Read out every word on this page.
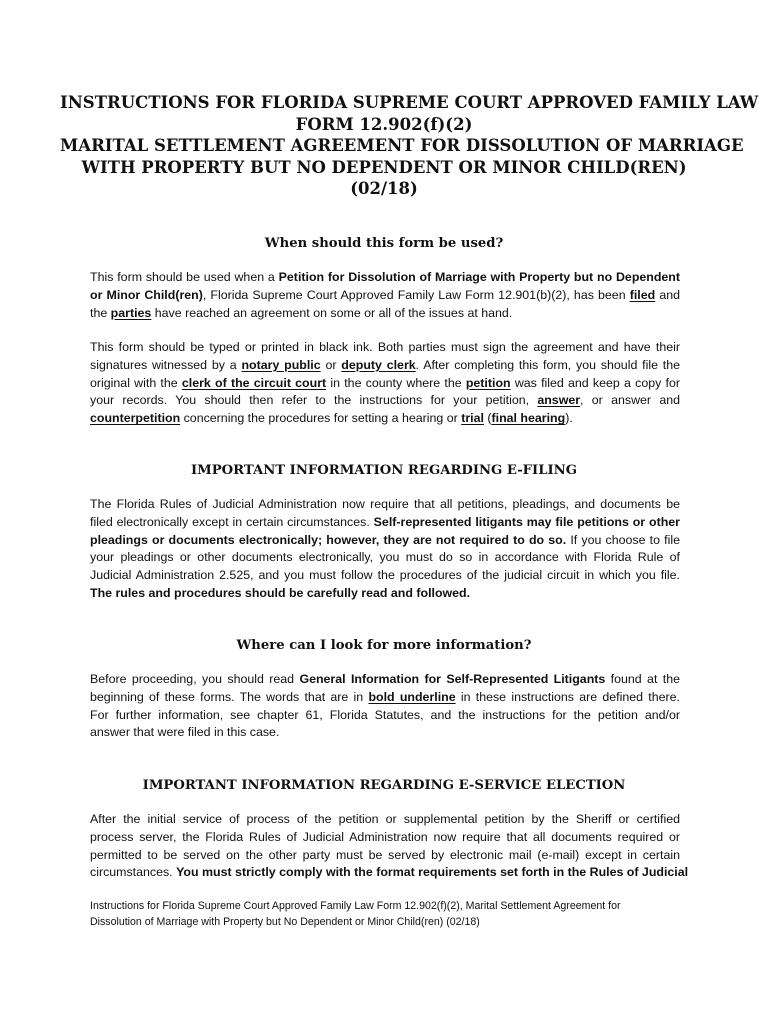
INSTRUCTIONS FOR FLORIDA SUPREME COURT APPROVED FAMILY LAW
FORM 12.902(f)(2)
MARITAL SETTLEMENT AGREEMENT FOR DISSOLUTION OF MARRIAGE
WITH PROPERTY BUT NO DEPENDENT OR MINOR CHILD(REN)
(02/18)
When should this form be used?
This form should be used when a Petition for Dissolution of Marriage with Property but no Dependent
or Minor Child(ren), Florida Supreme Court Approved Family Law Form 12.901(b)(2), has been filed and
the parties have reached an agreement on some or all of the issues at hand.
This form should be typed or printed in black ink. Both parties must sign the agreement and have their
signatures witnessed by a notary public or deputy clerk. After completing this form, you should file the
original with the clerk of the circuit court in the county where the petition was filed and keep a copy for
your records. You should then refer to the instructions for your petition, answer, or answer and
counterpetition concerning the procedures for setting a hearing or trial (final hearing).
IMPORTANT INFORMATION REGARDING E-FILING
The Florida Rules of Judicial Administration now require that all petitions, pleadings, and documents be
filed electronically except in certain circumstances. Self-represented litigants may file petitions or other
pleadings or documents electronically; however, they are not required to do so. If you choose to file
your pleadings or other documents electronically, you must do so in accordance with Florida Rule of
Judicial Administration 2.525, and you must follow the procedures of the judicial circuit in which you file.
The rules and procedures should be carefully read and followed.
Where can I look for more information?
Before proceeding, you should read General Information for Self-Represented Litigants found at the
beginning of these forms. The words that are in bold underline in these instructions are defined there.
For further information, see chapter 61, Florida Statutes, and the instructions for the petition and/or
answer that were filed in this case.
IMPORTANT INFORMATION REGARDING E-SERVICE ELECTION
After the initial service of process of the petition or supplemental petition by the Sheriff or certified
process server, the Florida Rules of Judicial Administration now require that all documents required or
permitted to be served on the other party must be served by electronic mail (e-mail) except in certain
circumstances. You must strictly comply with the format requirements set forth in the Rules of Judicial
Instructions for Florida Supreme Court Approved Family Law Form 12.902(f)(2), Marital Settlement Agreement for
Dissolution of Marriage with Property but No Dependent or Minor Child(ren) (02/18)
